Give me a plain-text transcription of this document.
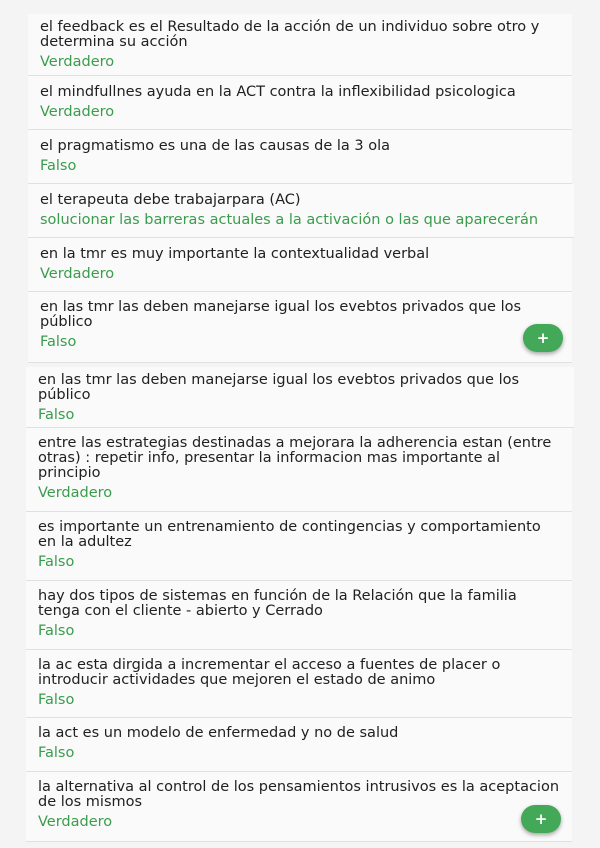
el feedback es el Resultado de la acción de un individuo sobre otro y determina su acción
Verdadero
el mindfullnes ayuda en la ACT contra la inflexibilidad psicologica
Verdadero
el pragmatismo es una de las causas de la 3 ola
Falso
el terapeuta debe trabajarpara (AC)
solucionar las barreras actuales a la activación o las que aparecerán
en la tmr es muy importante la contextualidad verbal
Verdadero
en las tmr las deben manejarse igual los evebtos privados que los público
Falso
en las tmr las deben manejarse igual los evebtos privados que los público
Falso
entre las estrategias destinadas a mejorara la adherencia estan (entre otras) : repetir info, presentar la informacion mas importante al principio
Verdadero
es importante un entrenamiento de contingencias y comportamiento en la adultez
Falso
hay dos tipos de sistemas en función de la Relación que la familia tenga con el cliente - abierto y Cerrado
Falso
la ac esta dirgida a incrementar el acceso a fuentes de placer o introducir actividades que mejoren el estado de animo
Falso
la act es un modelo de enfermedad y no de salud
Falso
la alternativa al control de los pensamientos intrusivos es la aceptacion de los mismos
Verdadero
+
+
